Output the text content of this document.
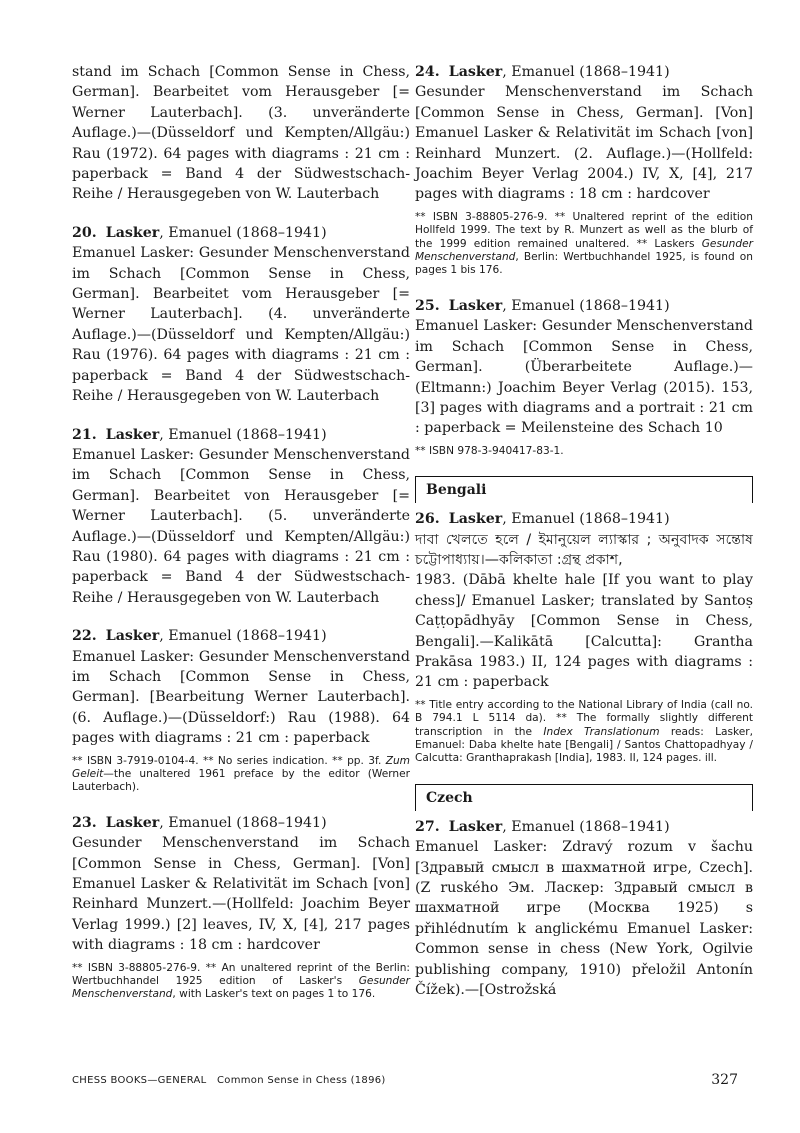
stand im Schach [Common Sense in Chess, German]. Bearbeitet vom Herausgeber [= Werner Lauterbach]. (3. unveränderte Auflage.)—(Düsseldorf und Kempten/Allgäu:) Rau (1972). 64 pages with diagrams : 21 cm : paperback = Band 4 der Südwestschach-Reihe / Herausgegeben von W. Lauterbach

20. Lasker, Emanuel (1868–1941)

Emanuel Lasker: Gesunder Menschenverstand im Schach [Common Sense in Chess, German]. Bearbeitet vom Herausgeber [= Werner Lauterbach]. (4. unveränderte Auflage.)—(Düsseldorf und Kempten/Allgäu:) Rau (1976). 64 pages with diagrams : 21 cm : paperback = Band 4 der Südwestschach-Reihe / Herausgegeben von W. Lauterbach

21. Lasker, Emanuel (1868–1941)

Emanuel Lasker: Gesunder Menschenverstand im Schach [Common Sense in Chess, German]. Bearbeitet von Herausgeber [= Werner Lauterbach]. (5. unveränderte Auflage.)—(Düsseldorf und Kempten/Allgäu:) Rau (1980). 64 pages with diagrams : 21 cm : paperback = Band 4 der Südwestschach-Reihe / Herausgegeben von W. Lauterbach

22. Lasker, Emanuel (1868–1941)

Emanuel Lasker: Gesunder Menschenverstand im Schach [Common Sense in Chess, German]. [Bearbeitung Werner Lauterbach]. (6. Auflage.)—(Düsseldorf:) Rau (1988). 64 pages with diagrams : 21 cm : paperback

** ISBN 3-7919-0104-4. ** No series indication. ** pp. 3f. Zum Geleit—the unaltered 1961 preface by the editor (Werner Lauterbach).

23. Lasker, Emanuel (1868–1941)

Gesunder Menschenverstand im Schach [Common Sense in Chess, German]. [Von] Emanuel Lasker & Relativität im Schach [von] Reinhard Munzert.—(Hollfeld: Joachim Beyer Verlag 1999.) [2] leaves, IV, X, [4], 217 pages with diagrams : 18 cm : hardcover

** ISBN 3-88805-276-9. ** An unaltered reprint of the Berlin: Wertbuchhandel 1925 edition of Lasker's Gesunder Menschenverstand, with Lasker's text on pages 1 to 176.

24. Lasker, Emanuel (1868–1941)

Gesunder Menschenverstand im Schach [Common Sense in Chess, German]. [Von] Emanuel Lasker & Relativität im Schach [von] Reinhard Munzert. (2. Auflage.)—(Hollfeld: Joachim Beyer Verlag 2004.) IV, X, [4], 217 pages with diagrams : 18 cm : hardcover

** ISBN 3-88805-276-9. ** Unaltered reprint of the edition Hollfeld 1999. The text by R. Munzert as well as the blurb of the 1999 edition remained unaltered. ** Laskers Gesunder Menschenverstand, Berlin: Wertbuchhandel 1925, is found on pages 1 bis 176.

25. Lasker, Emanuel (1868–1941)

Emanuel Lasker: Gesunder Menschenverstand im Schach [Common Sense in Chess, German]. (Überarbeitete Auflage.)—(Eltmann:) Joachim Beyer Verlag (2015). 153, [3] pages with diagrams and a portrait : 21 cm : paperback = Meilensteine des Schach 10

** ISBN 978-3-940417-83-1.

Bengali

26. Lasker, Emanuel (1868–1941)

দাবা খেলতে হলে / ইমানুয়েল ল্যাস্কার ; অনুবাদক সন্তোষ চট্টোপাধ্যায়।—কলিকাতা :গ্রন্থ প্রকাশ,

1983. (Dābā khelte hale [If you want to play chess]/ Emanuel Lasker; translated by Santoṣ Caṭṭopādhyāy [Common Sense in Chess, Bengali].—Kalikātā [Calcutta]: Grantha Prakāsa 1983.) II, 124 pages with diagrams : 21 cm : paperback

** Title entry according to the National Library of India (call no. B 794.1 L 5114 da). ** The formally slightly different transcription in the Index Translationum reads: Lasker, Emanuel: Daba khelte hate [Bengali] / Santos Chattopadhyay / Calcutta: Granthaprakash [India], 1983. II, 124 pages. ill.

Czech

27. Lasker, Emanuel (1868–1941)

Emanuel Lasker: Zdravý rozum v šachu [Здравый смысл в шахматной игре, Czech]. (Z ruského Эм. Ласкер: Здравый смысл в шахматной игре (Москва 1925) s přihlédnutím k anglickému Emanuel Lasker: Common sense in chess (New York, Ogilvie publishing company, 1910) přeložil Antonín Čížek).—[Ostrožská

CHESS BOOKS—GENERAL Common Sense in Chess (1896)	327
